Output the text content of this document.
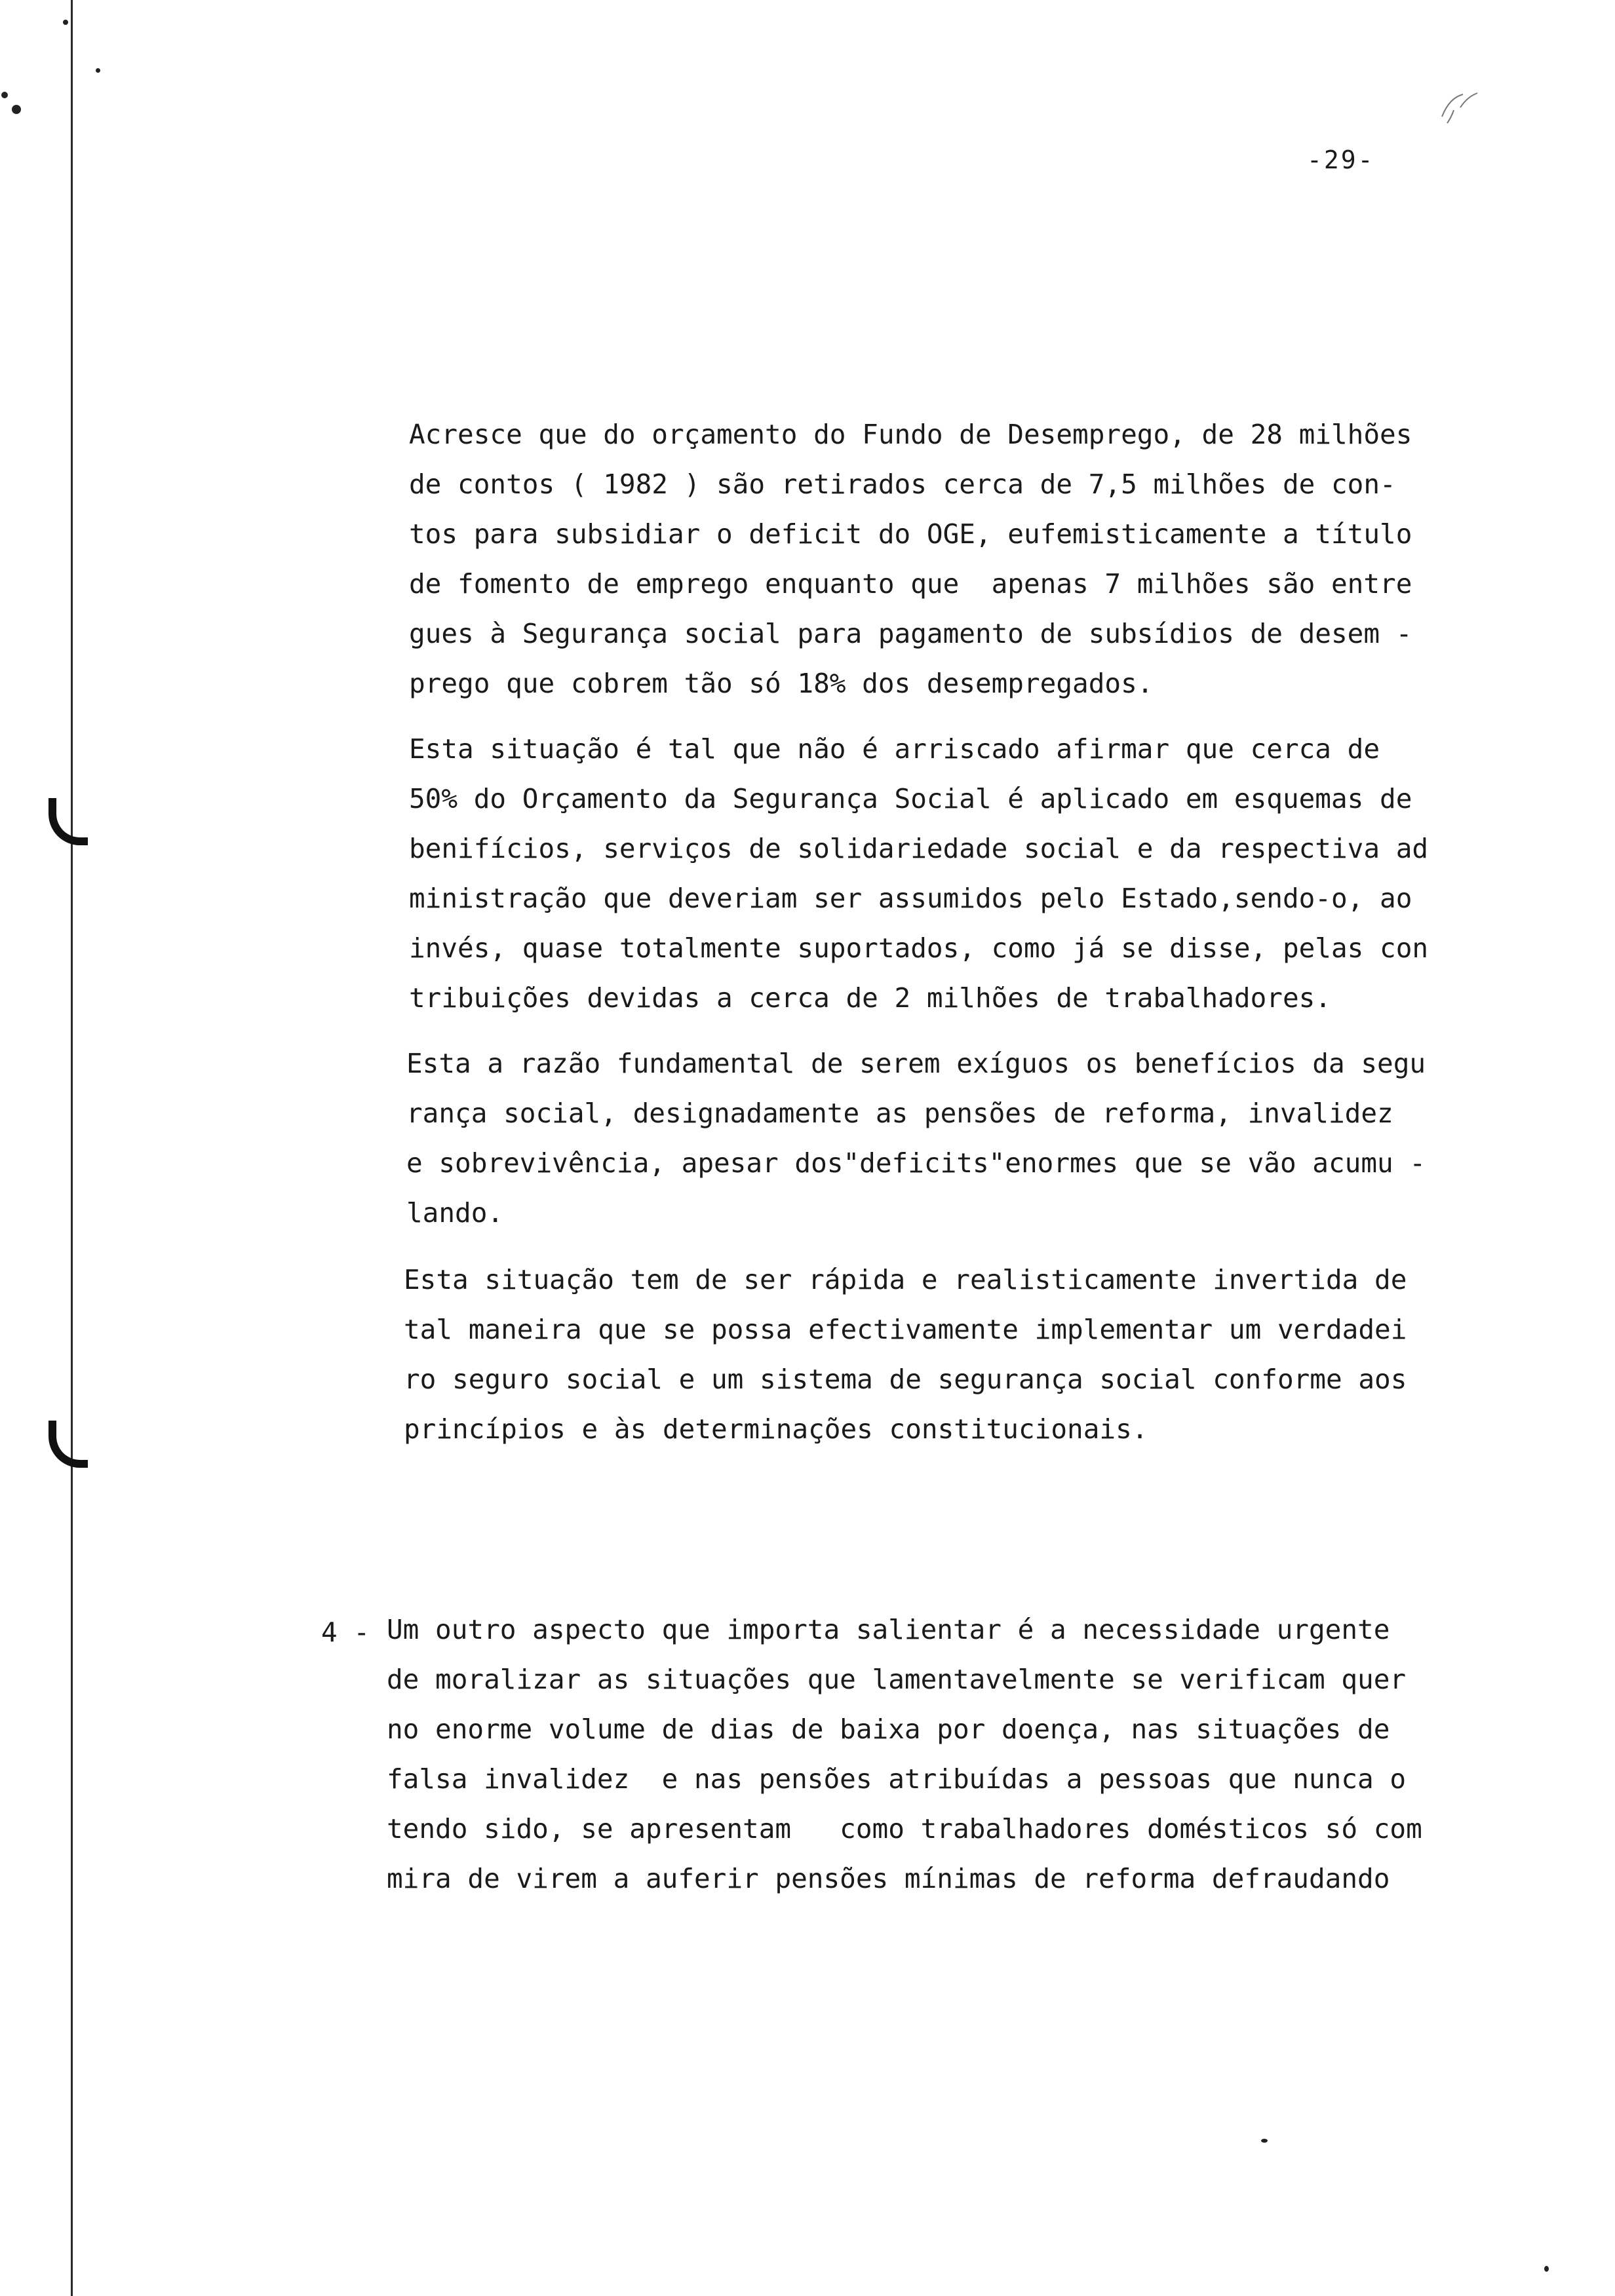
-29-
Acresce que do orçamento do Fundo de Desemprego, de 28 milhões
de contos ( 1982 ) são retirados cerca de 7,5 milhões de con-
tos para subsidiar o deficit do OGE, eufemisticamente a título
de fomento de emprego enquanto que  apenas 7 milhões são entre
gues à Segurança social para pagamento de subsídios de desem -
prego que cobrem tão só 18% dos desempregados.
Esta situação é tal que não é arriscado afirmar que cerca de
50% do Orçamento da Segurança Social é aplicado em esquemas de
benifícios, serviços de solidariedade social e da respectiva ad
ministração que deveriam ser assumidos pelo Estado,sendo-o, ao
invés, quase totalmente suportados, como já se disse, pelas con
tribuições devidas a cerca de 2 milhões de trabalhadores.
Esta a razão fundamental de serem exíguos os benefícios da segu
rança social, designadamente as pensões de reforma, invalidez
e sobrevivência, apesar dos"deficits"enormes que se vão acumu -
lando.
Esta situação tem de ser rápida e realisticamente invertida de
tal maneira que se possa efectivamente implementar um verdadei
ro seguro social e um sistema de segurança social conforme aos
princípios e às determinações constitucionais.
4 - Um outro aspecto que importa salientar é a necessidade urgente
de moralizar as situações que lamentavelmente se verificam quer
no enorme volume de dias de baixa por doença, nas situações de
falsa invalidez  e nas pensões atribuídas a pessoas que nunca o
tendo sido, se apresentam   como trabalhadores domésticos só com
mira de virem a auferir pensões mínimas de reforma defraudando
